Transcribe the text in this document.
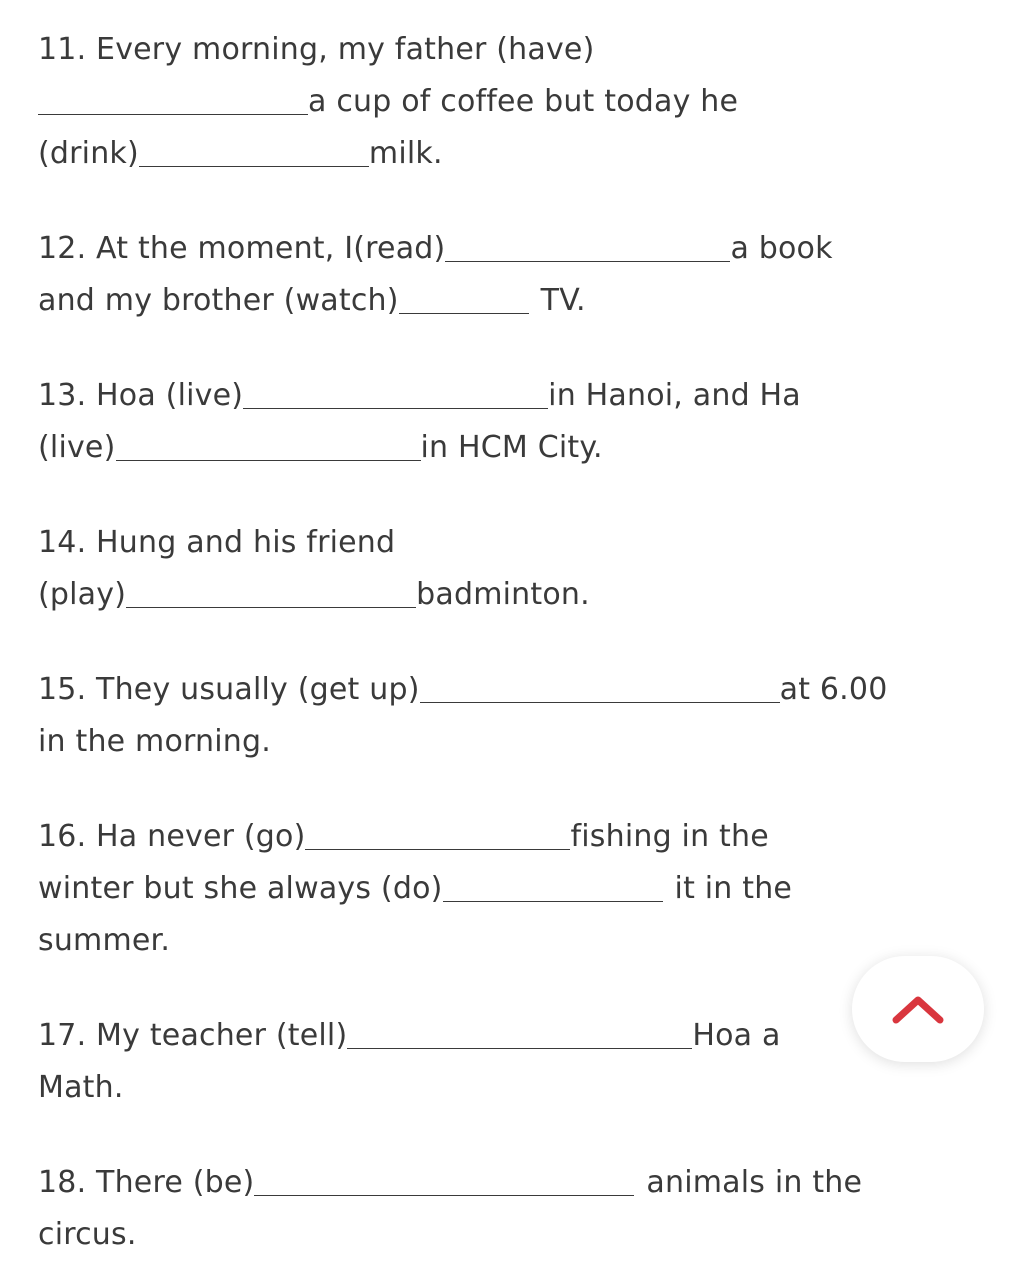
11. Every morning, my father (have)
a cup of coffee but today he
(drink)	milk.
12. At the moment, I(read)	a book
and my brother (watch)	TV.
13. Hoa (live)	in Hanoi, and Ha
(live)	in HCM City.
14. Hung and his friend
(play)	badminton.
15. They usually (get up)	at 6.00
in the morning.
16. Ha never (go)	fishing in the
winter but she always (do)	it in the
summer.
17. My teacher (tell)	Hoa a
Math.
18. There (be)	animals in the
circus.
